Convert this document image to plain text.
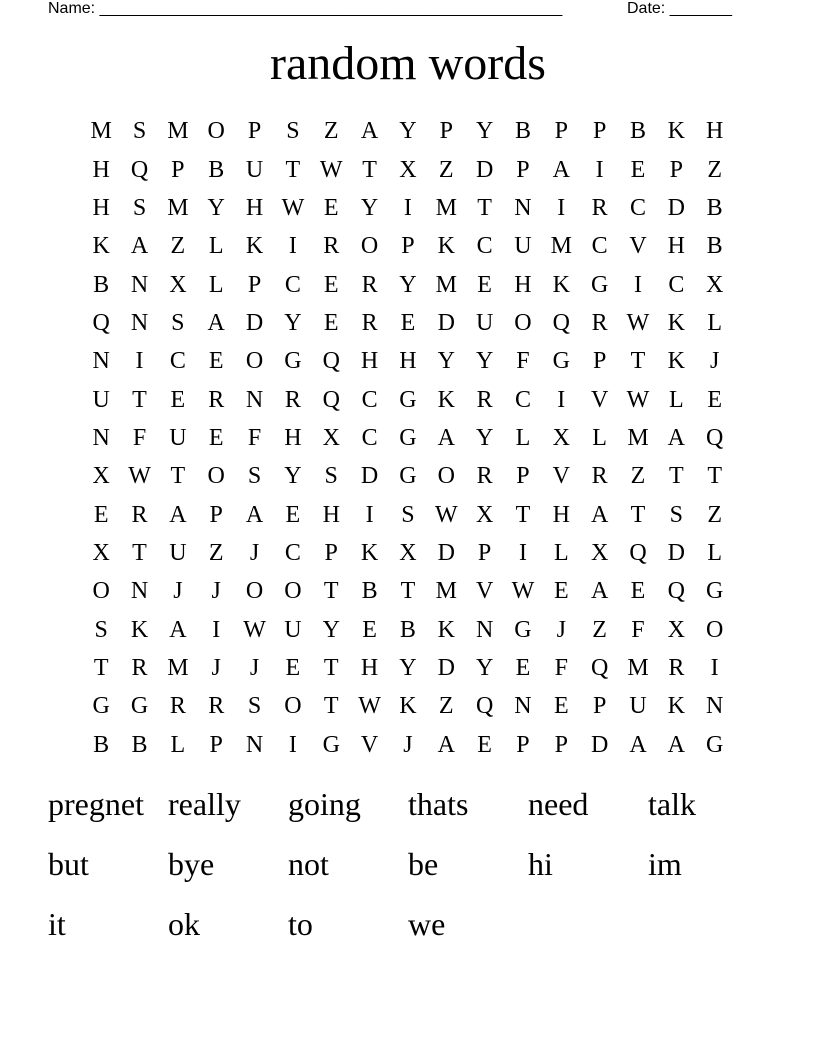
Name: ____________________________________________________	Date: _______
random words
M S M O P	S	Z A Y P Y B P	P B K H
H Q P B U T W T X Z D P A	I	E	P	Z
H S M Y H W E Y	I M T N	I	R C D B
K A Z L K	I	R O P K C U M C V H B
B N X L	P C E R Y M E H K G	I	C X
Q N S A D Y E R E D U O Q R W K L
N	I	C E O G Q H H Y Y F G P	T K	J
U T E R N R Q C G K R C	I	V W L E
N F U E	F H X C G A Y L X L M A Q
X W T O S Y S D G O R P V R Z T T
E R A P A E H	I	S W X T H A T	S	Z
X T U Z	J	C P K X D P	I	L X Q D L
O N	J	J	O O T B T M V W E A E Q G
S K A	I W U Y E B K N G	J	Z	F X O
T R M J	J	E T H Y D Y E	F Q M R	I
G G R R S O T W K Z Q N E	P U K N
B B L	P N	I	G V	J	A E	P	P D A A G
pregnet really	going	thats	need	talk
but	bye	not	be	hi	im
it	ok	to	we
